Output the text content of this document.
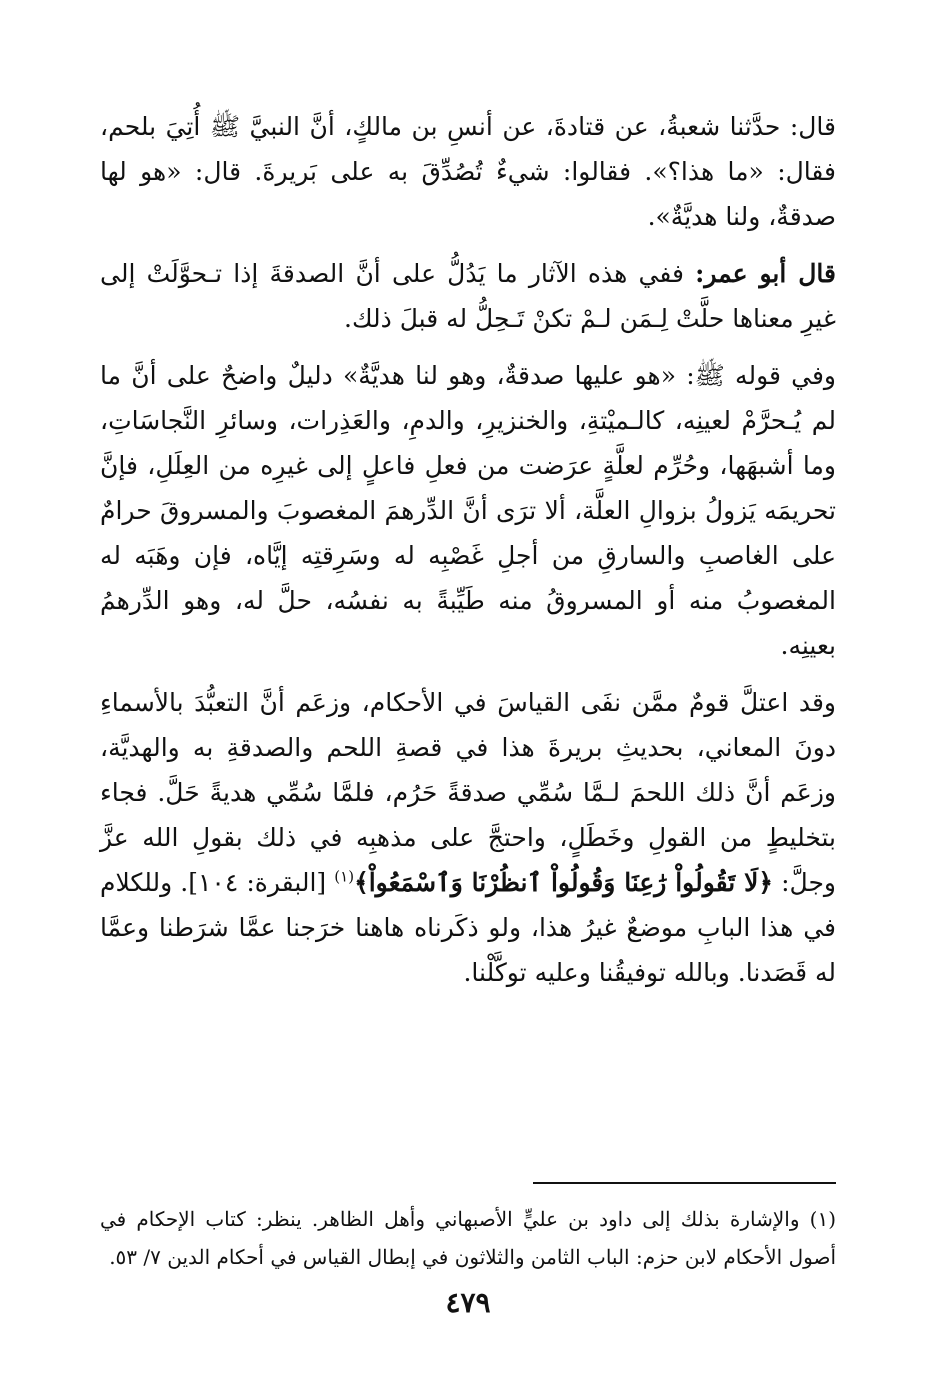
قال: حدَّثنا شعبةُ، عن قتادةَ، عن أنسِ بن مالكٍ، أنَّ النبيَّ ﷺ أُتِيَ بلحم، فقال: «ما هذا؟». فقالوا: شيءٌ تُصُدِّقَ به على بَريرةَ. قال: «هو لها صدقةٌ، ولنا هديَّةٌ».

قال أبو عمر: ففي هذه الآثار ما يَدُلُّ على أنَّ الصدقةَ إذا تـحوَّلَتْ إلى غيرِ معناها حلَّتْ لِـمَن لـمْ تكنْ تَـحِلُّ له قبلَ ذلك.

وفي قوله ﷺ: «هو عليها صدقةٌ، وهو لنا هديَّةٌ» دليلٌ واضحٌ على أنَّ ما لم يُـحرَّمْ لعينِه، كالـميْتةِ، والخنزيرِ، والدمِ، والعَذِرات، وسائرِ النَّجاسَاتِ، وما أشبهَها، وحُرِّم لعلَّةٍ عرَضت من فعلِ فاعلٍ إلى غيرِه من العِلَلِ، فإنَّ تحريمَه يَزولُ بزوالِ العلَّة، ألا ترَى أنَّ الدِّرهمَ المغصوبَ والمسروقَ حرامٌ على الغاصبِ والسارقِ من أجلِ غَصْبِه له وسَرِقتِه إيَّاه، فإن وهَبَه له المغصوبُ منه أو المسروقُ منه طَيِّبةً به نفسُه، حلَّ له، وهو الدِّرهمُ بعينِه.

وقد اعتلَّ قومٌ ممَّن نفَى القياسَ في الأحكام، وزعَم أنَّ التعبُّدَ بالأسماءِ دونَ المعاني، بحديثِ بريرةَ هذا في قصةِ اللحم والصدقةِ به والهديَّة، وزعَم أنَّ ذلك اللحمَ لـمَّا سُمِّي صدقةً حَرُم، فلمَّا سُمِّي هديةً حَلَّ. فجاء بتخليطٍ من القولِ وخَطَلٍ، واحتجَّ على مذهبِه في ذلك بقولِ الله عزَّ وجلَّ: ﴿لَا تَقُولُواْ رَٰعِنَا وَقُولُواْ ٱنظُرْنَا وَٱسْمَعُواْ﴾$^{(١)}$ [البقرة: ١٠٤]. وللكلام في هذا البابِ موضعٌ غيرُ هذا، ولو ذكَرناه هاهنا خرَجنا عمَّا شرَطنا وعمَّا له قَصَدنا. وبالله توفيقُنا وعليه توكَّلْنا.

(١) والإشارة بذلك إلى داود بن عليٍّ الأصبهاني وأهل الظاهر. ينظر: كتاب الإحكام في أصول الأحكام لابن حزم: الباب الثامن والثلاثون في إبطال القياس في أحكام الدين ٧/ ٥٣.
٤٧٩
